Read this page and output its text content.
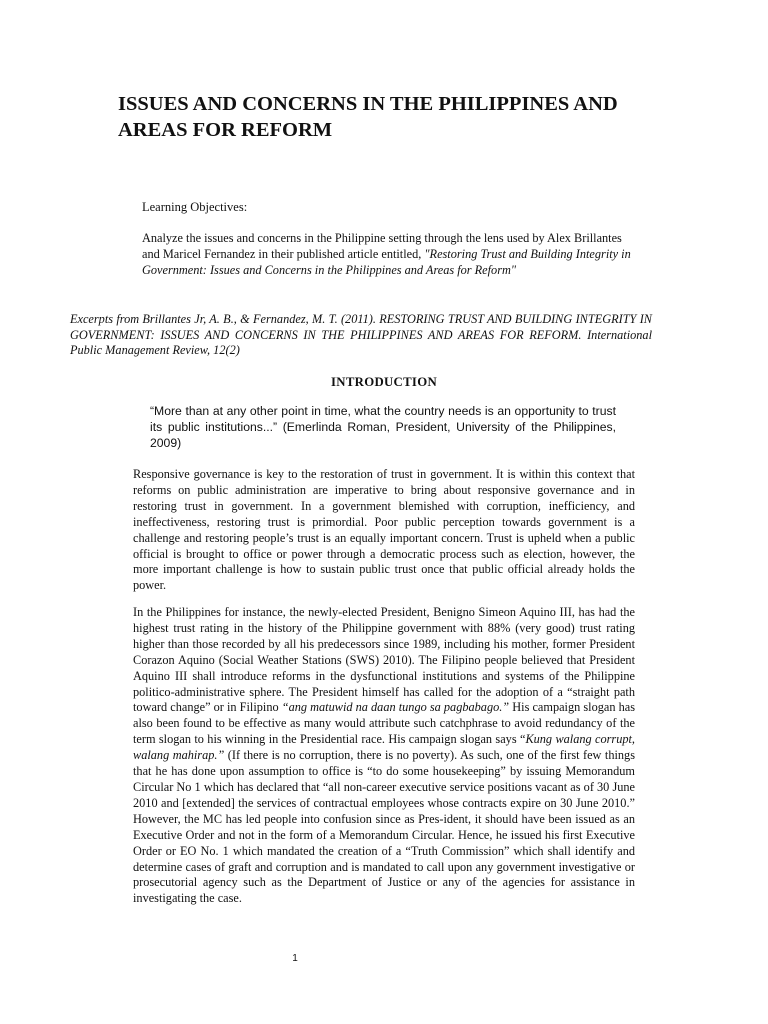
ISSUES AND CONCERNS IN THE PHILIPPINES AND AREAS FOR REFORM

Learning Objectives:

Analyze the issues and concerns in the Philippine setting through the lens used by Alex Brillantes and Maricel Fernandez in their published article entitled, "Restoring Trust and Building Integrity in Government: Issues and Concerns in the Philippines and Areas for Reform"

Excerpts from Brillantes Jr, A. B., & Fernandez, M. T. (2011). RESTORING TRUST AND BUILDING INTEGRITY IN GOVERNMENT: ISSUES AND CONCERNS IN THE PHILIPPINES AND AREAS FOR REFORM. International Public Management Review, 12(2)

INTRODUCTION

“More than at any other point in time, what the country needs is an opportunity to trust its public institutions...” (Emerlinda Roman, President, University of the Philippines, 2009)

Responsive governance is key to the restoration of trust in government. It is within this context that reforms on public administration are imperative to bring about responsive governance and in restoring trust in government. In a government blemished with corruption, inefficiency, and ineffectiveness, restoring trust is primordial. Poor public perception towards government is a challenge and restoring people’s trust is an equally important concern. Trust is upheld when a public official is brought to office or power through a democratic process such as election, however, the more important challenge is how to sustain public trust once that public official already holds the power.

In the Philippines for instance, the newly-elected President, Benigno Simeon Aquino III, has had the highest trust rating in the history of the Philippine government with 88% (very good) trust rating higher than those recorded by all his predecessors since 1989, including his mother, former President Corazon Aquino (Social Weather Stations (SWS) 2010). The Filipino people believed that President Aquino III shall introduce reforms in the dysfunctional institutions and systems of the Philippine politico-administrative sphere. The President himself has called for the adoption of a “straight path toward change” or in Filipino “ang matuwid na daan tungo sa pagbabago.” His campaign slogan has also been found to be effective as many would attribute such catchphrase to avoid redundancy of the term slogan to his winning in the Presidential race. His campaign slogan says “Kung walang corrupt, walang mahirap.” (If there is no corruption, there is no poverty). As such, one of the first few things that he has done upon assumption to office is “to do some housekeeping” by issuing Memorandum Circular No 1 which has declared that “all non-career executive service positions vacant as of 30 June 2010 and [extended] the services of contractual employees whose contracts expire on 30 June 2010.” However, the MC has led people into confusion since as Pres-ident, it should have been issued as an Executive Order and not in the form of a Memorandum Circular. Hence, he issued his first Executive Order or EO No. 1 which mandated the creation of a “Truth Commission” which shall identify and determine cases of graft and corruption and is mandated to call upon any government investigative or prosecutorial agency such as the Department of Justice or any of the agencies for assistance in investigating the case.

1
